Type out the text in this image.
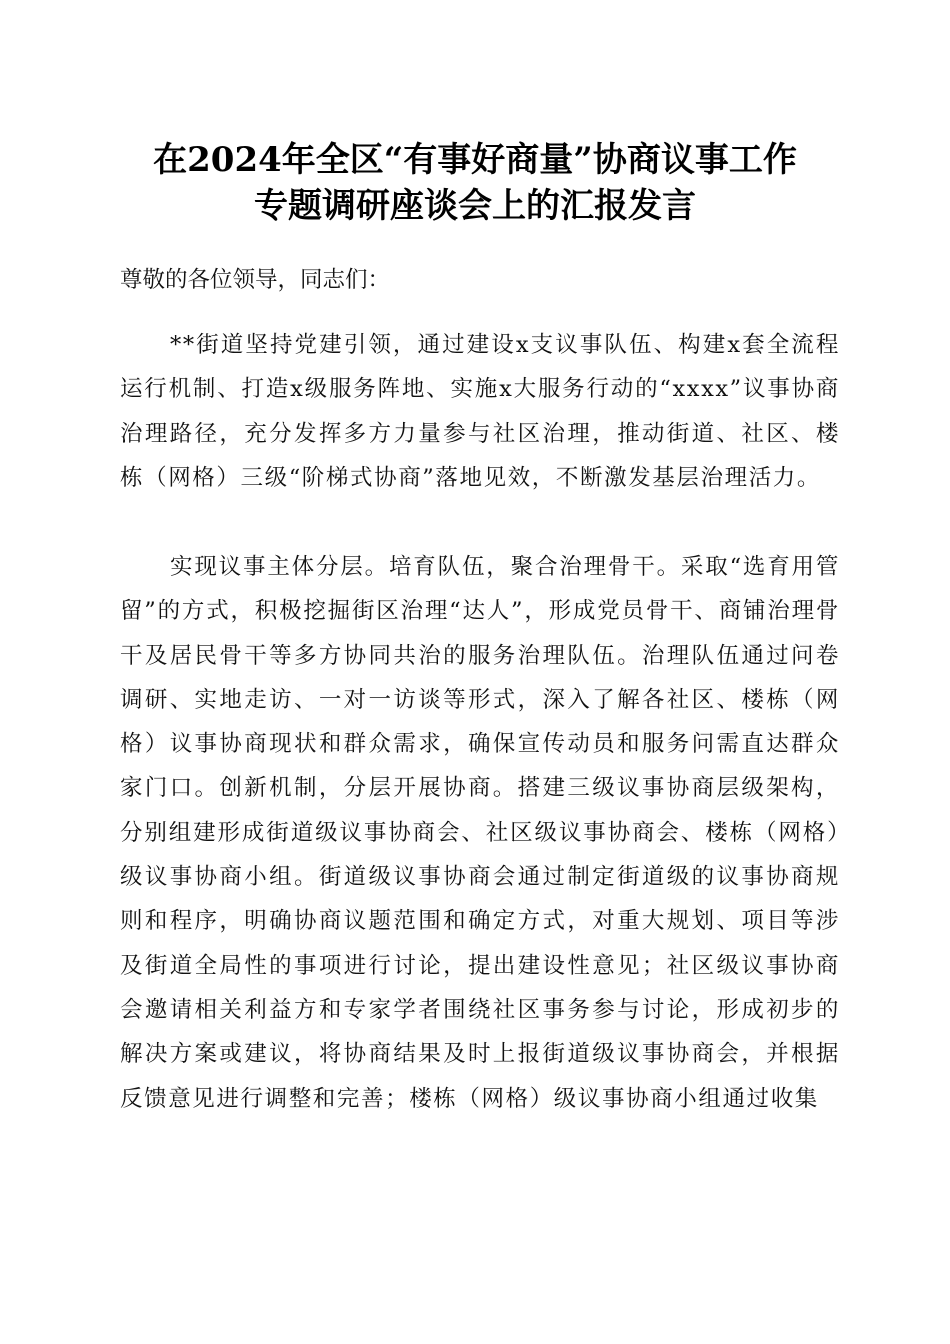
在2024年全区“有事好商量”协商议事工作
专题调研座谈会上的汇报发言
尊敬的各位领导，同志们：

**街道坚持党建引领，通过建设x支议事队伍、构建x套全流程运行机制、打造x级服务阵地、实施x大服务行动的“xxxx”议事协商治理路径，充分发挥多方力量参与社区治理，推动街道、社区、楼栋（网格）三级“阶梯式协商”落地见效，不断激发基层治理活力。

实现议事主体分层。培育队伍，聚合治理骨干。采取“选育用管留”的方式，积极挖掘街区治理“达人”，形成党员骨干、商铺治理骨干及居民骨干等多方协同共治的服务治理队伍。治理队伍通过问卷调研、实地走访、一对一访谈等形式，深入了解各社区、楼栋（网格）议事协商现状和群众需求，确保宣传动员和服务问需直达群众家门口。创新机制，分层开展协商。搭建三级议事协商层级架构，分别组建形成街道级议事协商会、社区级议事协商会、楼栋（网格）级议事协商小组。街道级议事协商会通过制定街道级的议事协商规则和程序，明确协商议题范围和确定方式，对重大规划、项目等涉及街道全局性的事项进行讨论，提出建设性意见；社区级议事协商会邀请相关利益方和专家学者围绕社区事务参与讨论，形成初步的解决方案或建议，将协商结果及时上报街道级议事协商会，并根据反馈意见进行调整和完善；楼栋（网格）级议事协商小组通过收集
